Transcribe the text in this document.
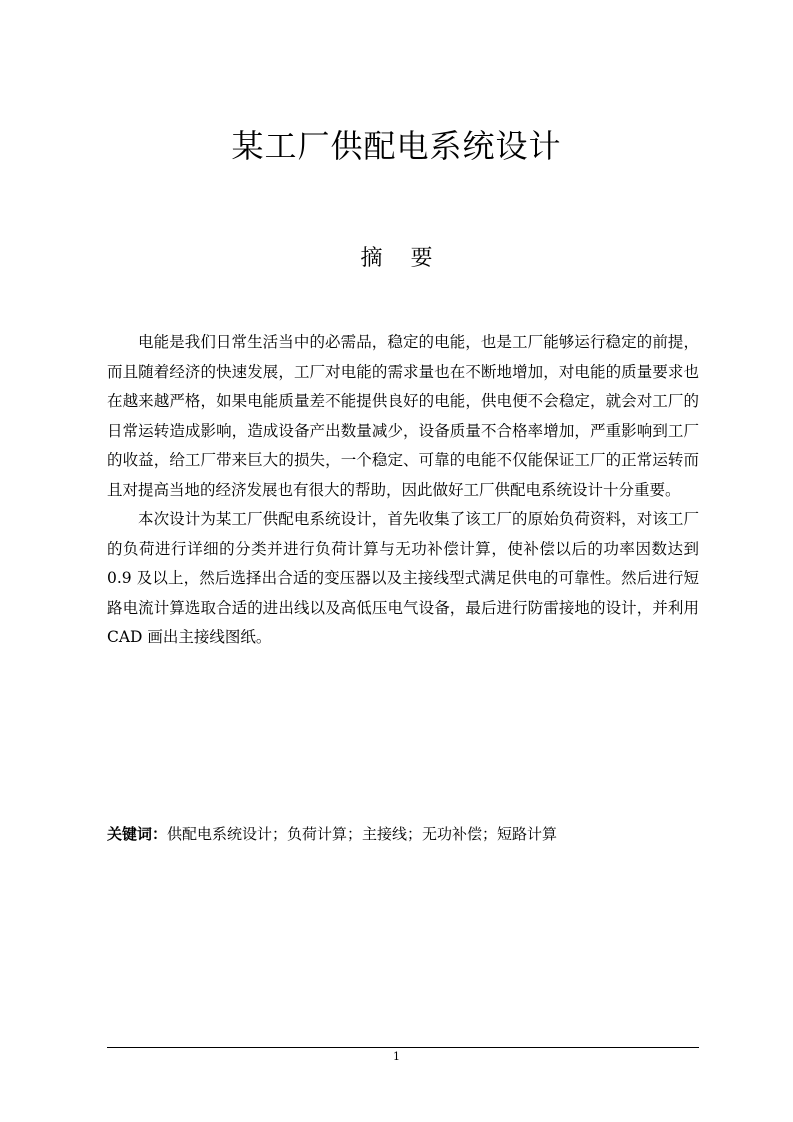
某工厂供配电系统设计
摘 要

电能是我们日常生活当中的必需品，稳定的电能，也是工厂能够运行稳定的前提，而且随着经济的快速发展，工厂对电能的需求量也在不断地增加，对电能的质量要求也在越来越严格，如果电能质量差不能提供良好的电能，供电便不会稳定，就会对工厂的日常运转造成影响，造成设备产出数量减少，设备质量不合格率增加，严重影响到工厂的收益，给工厂带来巨大的损失，一个稳定、可靠的电能不仅能保证工厂的正常运转而且对提高当地的经济发展也有很大的帮助，因此做好工厂供配电系统设计十分重要。

本次设计为某工厂供配电系统设计，首先收集了该工厂的原始负荷资料，对该工厂的负荷进行详细的分类并进行负荷计算与无功补偿计算，使补偿以后的功率因数达到 0.9 及以上，然后选择出合适的变压器以及主接线型式满足供电的可靠性。然后进行短路电流计算选取合适的进出线以及高低压电气设备，最后进行防雷接地的设计，并利用 CAD 画出主接线图纸。

关键词：供配电系统设计；负荷计算；主接线；无功补偿；短路计算
1
